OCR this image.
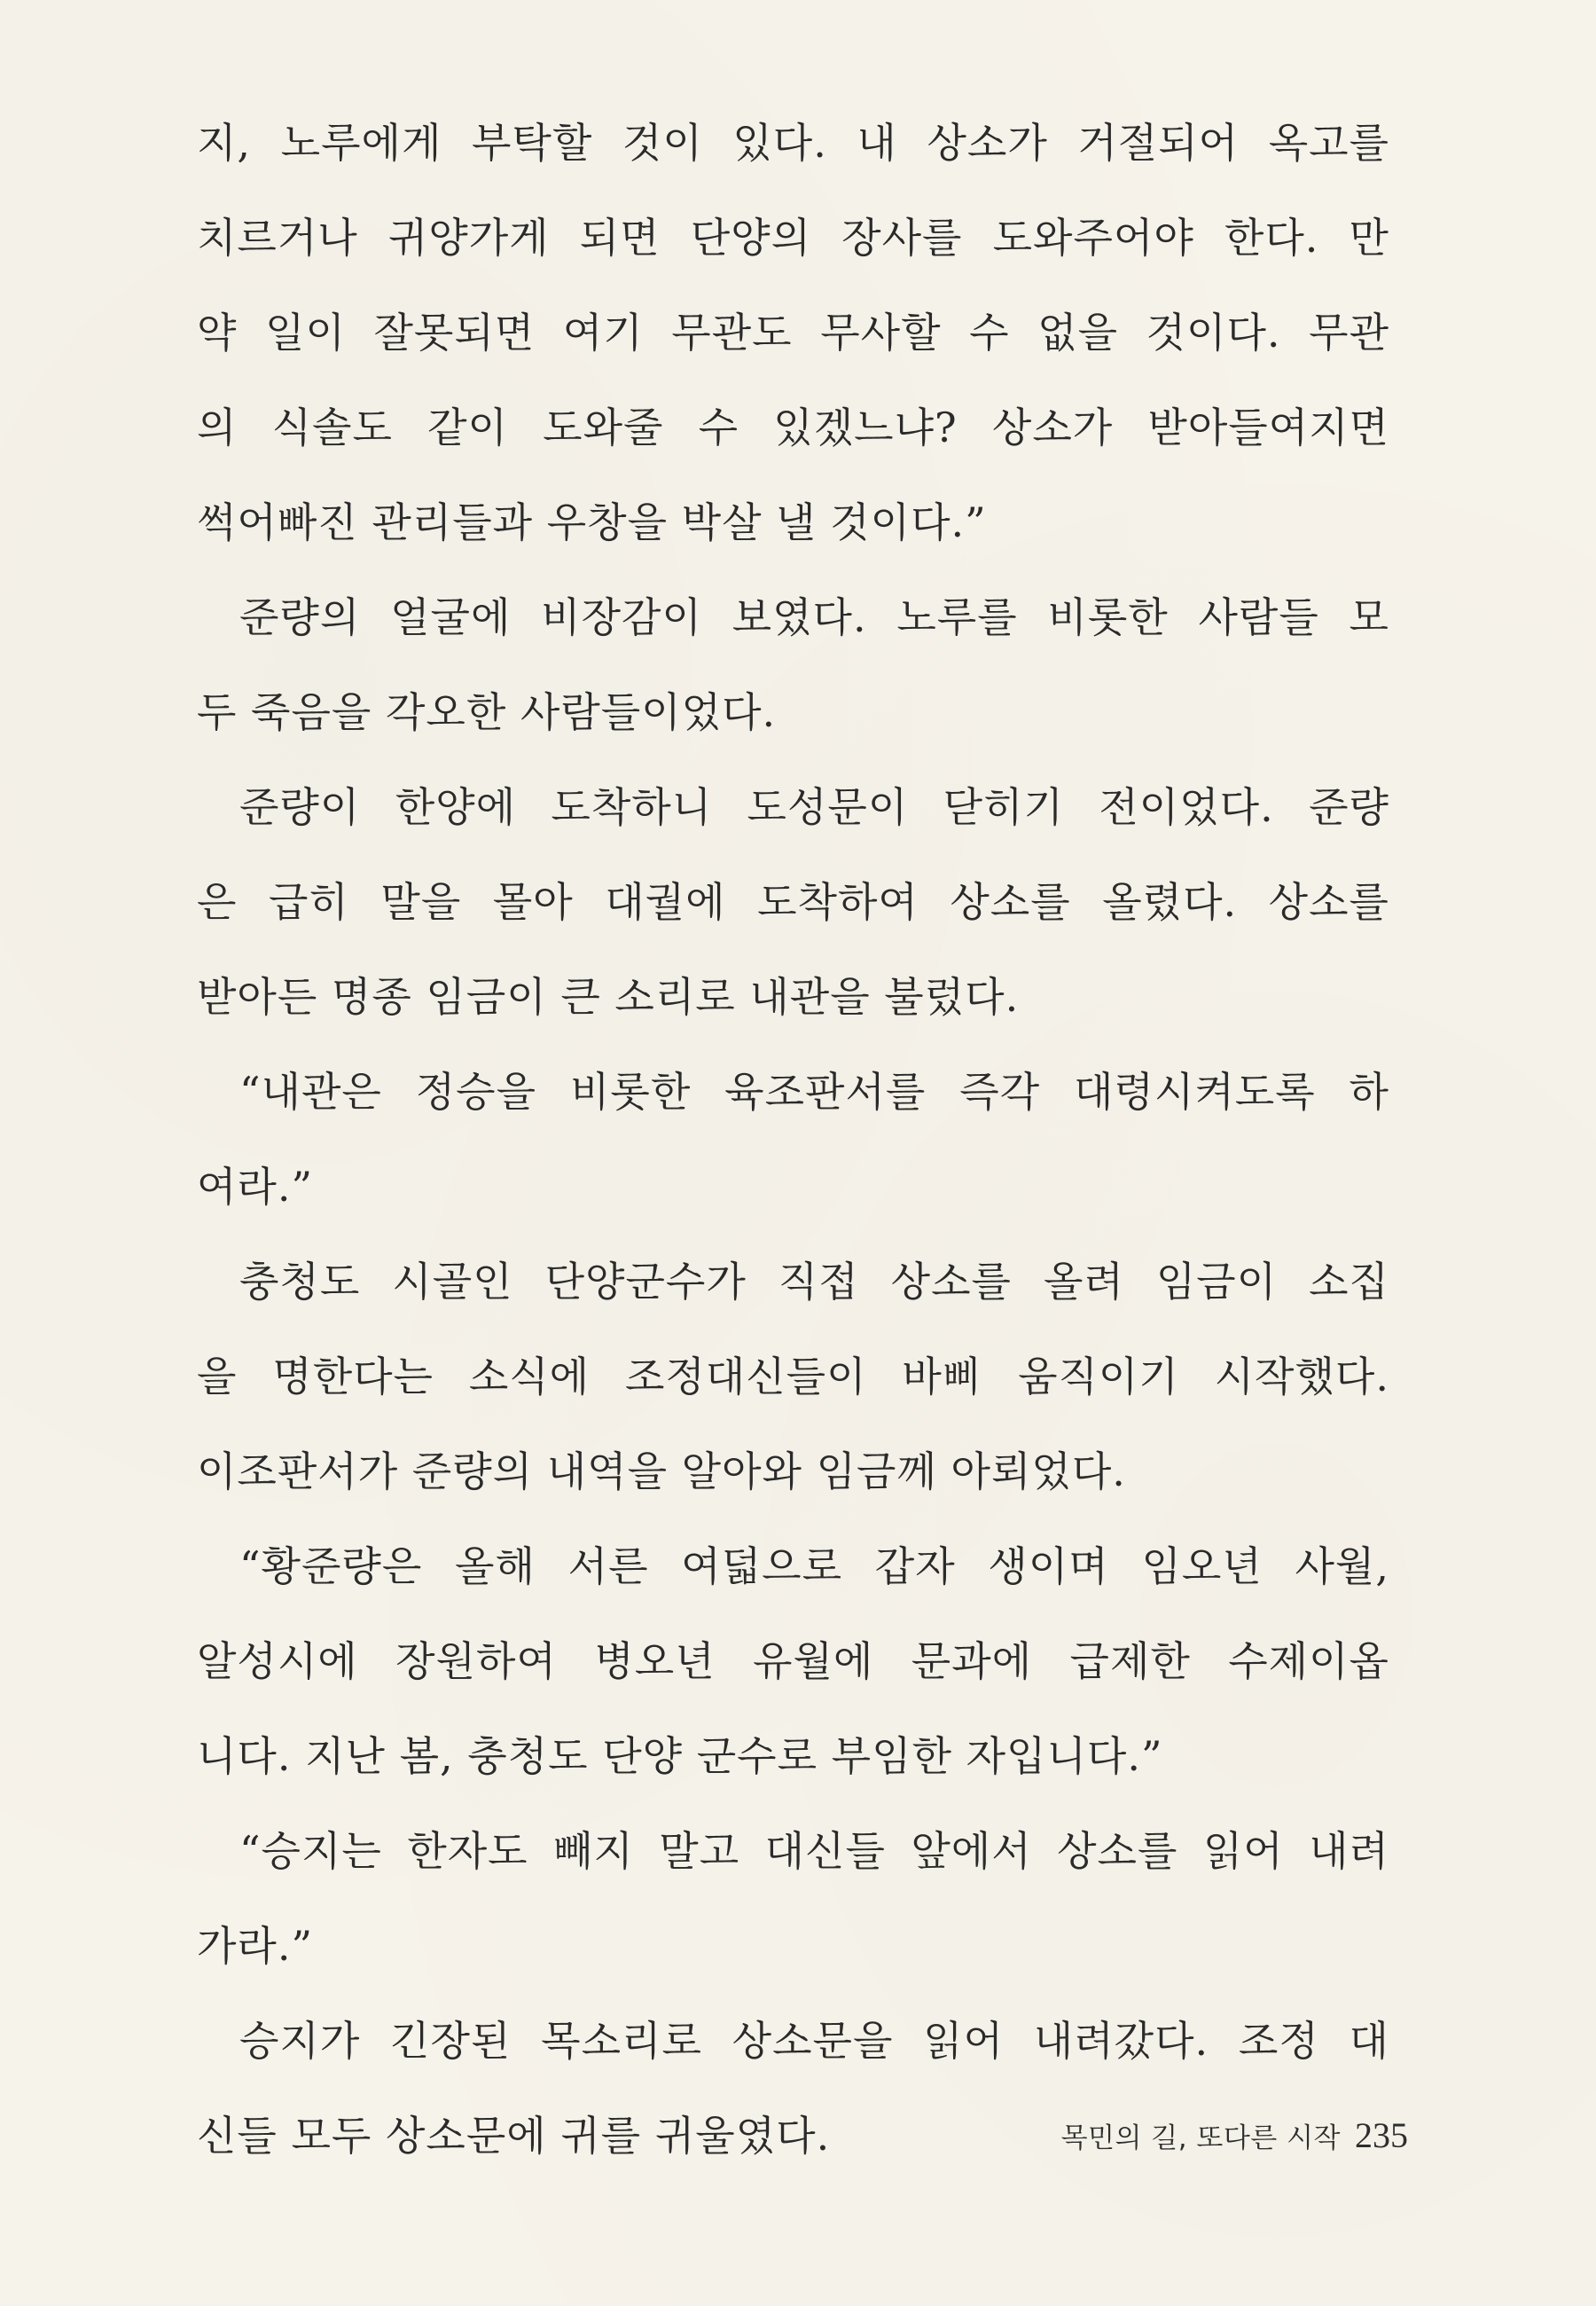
지, 노루에게 부탁할 것이 있다. 내 상소가 거절되어 옥고를
치르거나 귀양가게 되면 단양의 장사를 도와주어야 한다. 만
약 일이 잘못되면 여기 무관도 무사할 수 없을 것이다. 무관
의 식솔도 같이 도와줄 수 있겠느냐? 상소가 받아들여지면
썩어빠진 관리들과 우창을 박살 낼 것이다.”
준량의 얼굴에 비장감이 보였다. 노루를 비롯한 사람들 모
두 죽음을 각오한 사람들이었다.
준량이 한양에 도착하니 도성문이 닫히기 전이었다. 준량
은 급히 말을 몰아 대궐에 도착하여 상소를 올렸다. 상소를
받아든 명종 임금이 큰 소리로 내관을 불렀다.
“내관은 정승을 비롯한 육조판서를 즉각 대령시켜도록 하
여라.”
충청도 시골인 단양군수가 직접 상소를 올려 임금이 소집
을 명한다는 소식에 조정대신들이 바삐 움직이기 시작했다.
이조판서가 준량의 내역을 알아와 임금께 아뢰었다.
“황준량은 올해 서른 여덟으로 갑자 생이며 임오년 사월,
알성시에 장원하여 병오년 유월에 문과에 급제한 수제이옵
니다. 지난 봄, 충청도 단양 군수로 부임한 자입니다.”
“승지는 한자도 빼지 말고 대신들 앞에서 상소를 읽어 내려
가라.”
승지가 긴장된 목소리로 상소문을 읽어 내려갔다. 조정 대
신들 모두 상소문에 귀를 귀울였다.	목민의 길, 또다른 시작 235
